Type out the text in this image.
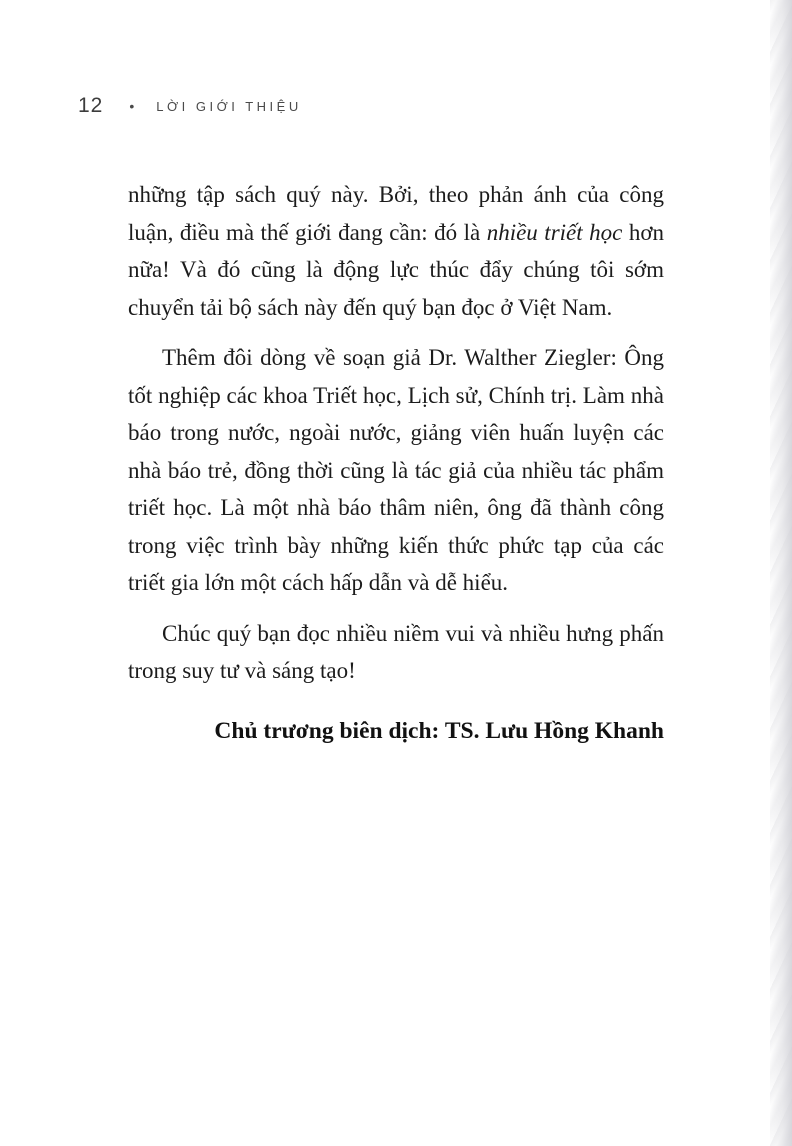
12 • LỜI GIỚI THIỆU

những tập sách quý này. Bởi, theo phản ánh của công luận, điều mà thế giới đang cần: đó là nhiều triết học hơn nữa! Và đó cũng là động lực thúc đẩy chúng tôi sớm chuyển tải bộ sách này đến quý bạn đọc ở Việt Nam.

Thêm đôi dòng về soạn giả Dr. Walther Ziegler: Ông tốt nghiệp các khoa Triết học, Lịch sử, Chính trị. Làm nhà báo trong nước, ngoài nước, giảng viên huấn luyện các nhà báo trẻ, đồng thời cũng là tác giả của nhiều tác phẩm triết học. Là một nhà báo thâm niên, ông đã thành công trong việc trình bày những kiến thức phức tạp của các triết gia lớn một cách hấp dẫn và dễ hiểu.

Chúc quý bạn đọc nhiều niềm vui và nhiều hưng phấn trong suy tư và sáng tạo!

Chủ trương biên dịch: TS. Lưu Hồng Khanh
